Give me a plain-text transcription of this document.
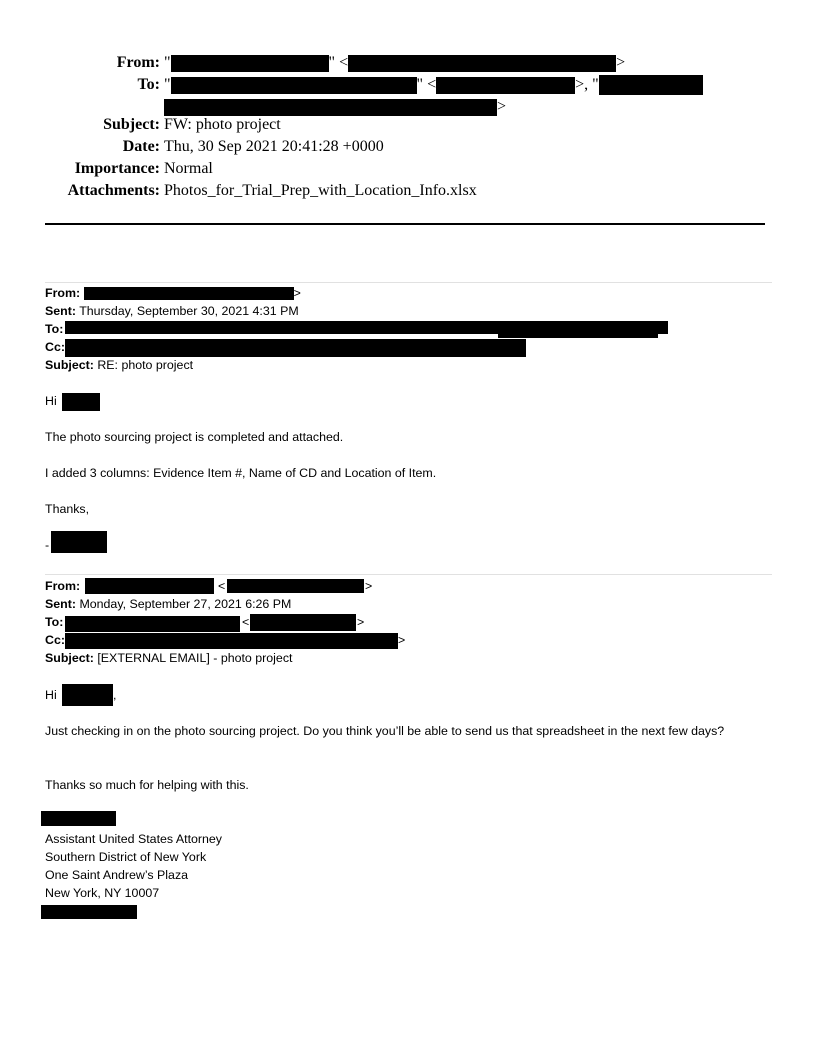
From: "	" <	>
To: "	" <	>, "
>
Subject: FW: photo project
Date: Thu, 30 Sep 2021 20:41:28 +0000
Importance: Normal
Attachments: Photos_for_Trial_Prep_with_Location_Info.xlsx
From:	>
Sent: Thursday, September 30, 2021 4:31 PM
To:
Cc:
Subject: RE: photo project
Hi
The photo sourcing project is completed and attached.
I added 3 columns: Evidence Item #, Name of CD and Location of Item.
Thanks,
-
From:	<	>
Sent: Monday, September 27, 2021 6:26 PM
To:	<	>
Cc:	>
Subject: [EXTERNAL EMAIL] - photo project
Hi	,
Just checking in on the photo sourcing project. Do you think you’ll be able to send us that spreadsheet in the next few days?
Thanks so much for helping with this.
Assistant United States Attorney
Southern District of New York
One Saint Andrew’s Plaza
New York, NY 10007
